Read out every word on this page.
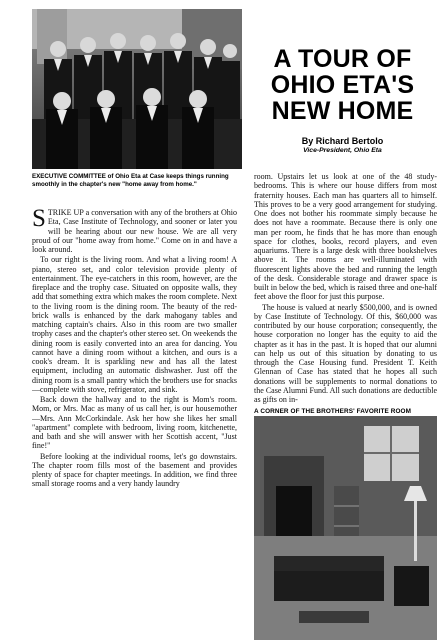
A TOUR OF
OHIO ETA'S
NEW HOME
By Richard Bertolo
Vice-President, Ohio Eta
EXECUTIVE COMMITTEE of Ohio Eta at Case keeps things running smoothly in the chapter's new "home away from home."

STRIKE UP a conversation with any of the brothers at Ohio Eta, Case Institute of Technology, and sooner or later you will be hearing about our new house. We are all very proud of our "home away from home." Come on in and have a look around.

To our right is the living room. And what a living room! A piano, stereo set, and color television provide plenty of entertainment. The eye-catchers in this room, however, are the fireplace and the trophy case. Situated on opposite walls, they add that something extra which makes the room complete. Next to the living room is the dining room. The beauty of the red-brick walls is enhanced by the dark mahogany tables and matching captain's chairs. Also in this room are two smaller trophy cases and the chapter's other stereo set. On weekends the dining room is easily converted into an area for dancing. You cannot have a dining room without a kitchen, and ours is a cook's dream. It is sparkling new and has all the latest equipment, including an automatic dishwasher. Just off the dining room is a small pantry which the brothers use for snacks—complete with stove, refrigerator, and sink.

Back down the hallway and to the right is Mom's room. Mom, or Mrs. Mac as many of us call her, is our housemother—Mrs. Ann McCorkindale. Ask her how she likes her small "apartment" complete with bedroom, living room, kitchenette, and bath and she will answer with her Scottish accent, "Just fine!"

Before looking at the individual rooms, let's go downstairs. The chapter room fills most of the basement and provides plenty of space for chapter meetings. In addition, we find three small storage rooms and a very handy laundry

room. Upstairs let us look at one of the 48 study-bedrooms. This is where our house differs from most fraternity houses. Each man has quarters all to himself. This proves to be a very good arrangement for studying. One does not bother his roommate simply because he does not have a roommate. Because there is only one man per room, he finds that he has more than enough space for clothes, books, record players, and even aquariums. There is a large desk with three bookshelves above it. The rooms are well-illuminated with fluorescent lights above the bed and running the length of the desk. Considerable storage and drawer space is built in below the bed, which is raised three and one-half feet above the floor for just this purpose.

The house is valued at nearly $500,000, and is owned by Case Institute of Technology. Of this, $60,000 was contributed by our house corporation; consequently, the house corporation no longer has the equity to aid the chapter as it has in the past. It is hoped that our alumni can help us out of this situation by donating to us through the Case Housing fund. President T. Keith Glennan of Case has stated that he hopes all such donations will be supplements to normal donations to the Case Alumni Fund. All such donations are deductible as gifts on in-

A CORNER OF THE BROTHERS' FAVORITE ROOM
